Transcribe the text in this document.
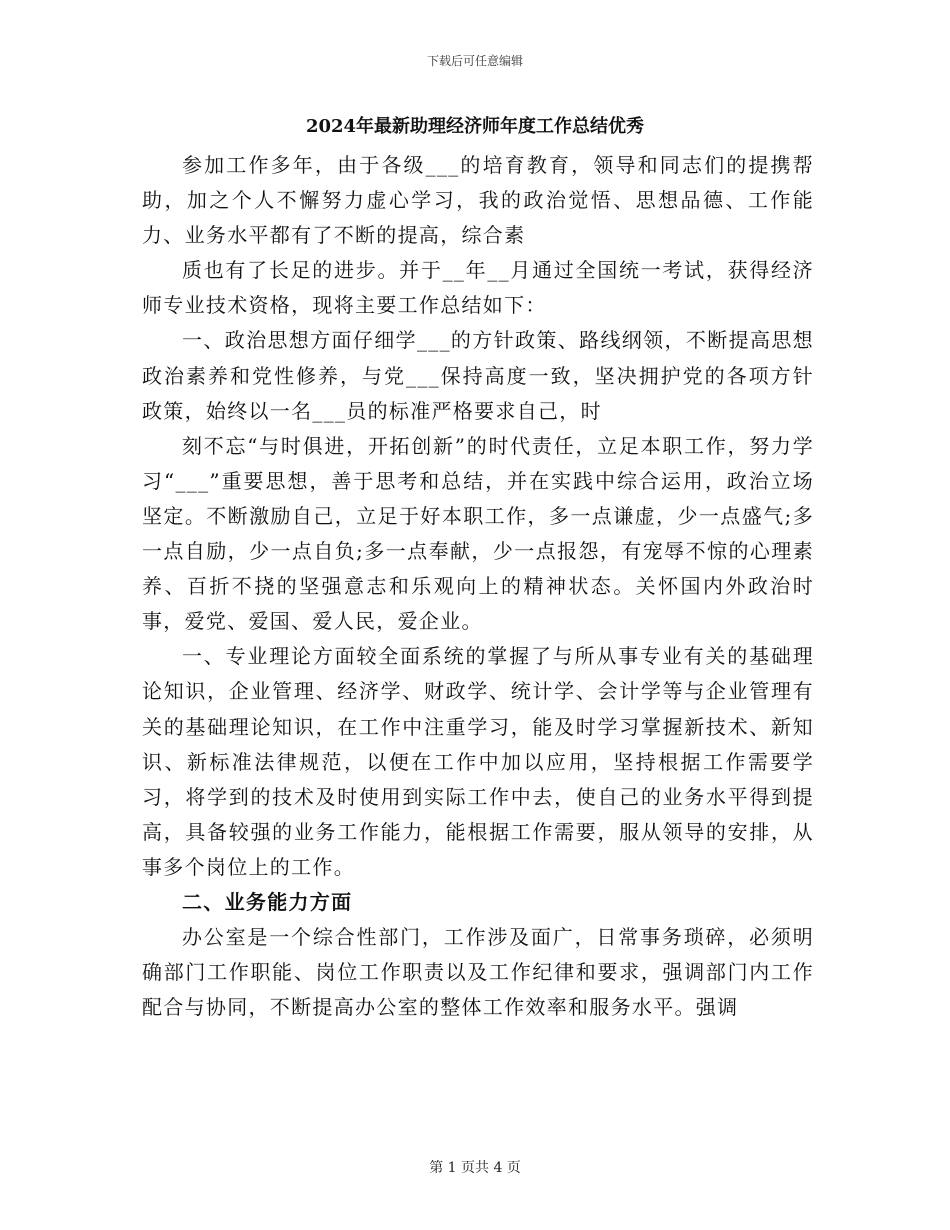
下载后可任意编辑
2024年最新助理经济师年度工作总结优秀

参加工作多年，由于各级___的培育教育，领导和同志们的提携帮助，加之个人不懈努力虚心学习，我的政治觉悟、思想品德、工作能力、业务水平都有了不断的提高，综合素

质也有了长足的进步。并于__年__月通过全国统一考试，获得经济师专业技术资格，现将主要工作总结如下：

一、政治思想方面仔细学___的方针政策、路线纲领，不断提高思想政治素养和党性修养，与党___保持高度一致，坚决拥护党的各项方针政策，始终以一名___员的标准严格要求自己，时

刻不忘“与时俱进，开拓创新”的时代责任，立足本职工作，努力学习“___”重要思想，善于思考和总结，并在实践中综合运用，政治立场坚定。不断激励自己，立足于好本职工作，多一点谦虚，少一点盛气;多一点自励，少一点自负;多一点奉献，少一点报怨，有宠辱不惊的心理素养、百折不挠的坚强意志和乐观向上的精神状态。关怀国内外政治时事，爱党、爱国、爱人民，爱企业。

一、专业理论方面较全面系统的掌握了与所从事专业有关的基础理论知识，企业管理、经济学、财政学、统计学、会计学等与企业管理有关的基础理论知识，在工作中注重学习，能及时学习掌握新技术、新知识、新标准法律规范，以便在工作中加以应用，坚持根据工作需要学习，将学到的技术及时使用到实际工作中去，使自己的业务水平得到提高，具备较强的业务工作能力，能根据工作需要，服从领导的安排，从事多个岗位上的工作。

二、业务能力方面

办公室是一个综合性部门，工作涉及面广，日常事务琐碎，必须明确部门工作职能、岗位工作职责以及工作纪律和要求，强调部门内工作配合与协同，不断提高办公室的整体工作效率和服务水平。强调

第 1 页共 4 页
